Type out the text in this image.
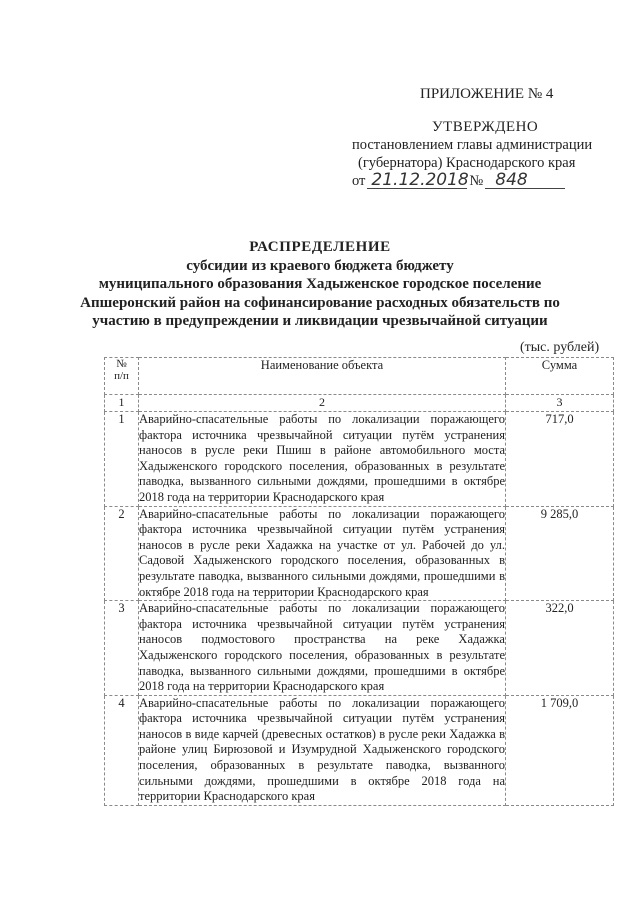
ПРИЛОЖЕНИЕ № 4
УТВЕРЖДЕНО
постановлением главы администрации
(губернатора) Краснодарского края
от 21.12.2018№ 848
РАСПРЕДЕЛЕНИЕ
субсидии из краевого бюджета бюджету
муниципального образования Хадыженское городское поселение
Апшеронский район на софинансирование расходных обязательств по
участию в предупреждении и ликвидации чрезвычайной ситуации
(тыс. рублей)
№
п/п	Наименование объекта	Сумма
1	2	3
1	Аварийно-спасательные работы по локализации поражающего фактора источника чрезвычайной ситуации путём устранения наносов в русле реки Пшиш в районе автомобильного моста Хадыженского городского поселения, образованных в результате паводка, вызванного сильными дождями, прошедшими в октябре 2018 года на территории Краснодарского края	717,0
2	Аварийно-спасательные работы по локализации поражающего фактора источника чрезвычайной ситуации путём устранения наносов в русле реки Хадажка на участке от ул. Рабочей до ул. Садовой Хадыженского городского поселения, образованных в результате паводка, вызванного сильными дождями, прошедшими в октябре 2018 года на территории Краснодарского края	9 285,0
3	Аварийно-спасательные работы по локализации поражающего фактора источника чрезвычайной ситуации путём устранения наносов подмостового пространства на реке Хадажка Хадыженского городского поселения, образованных в результате паводка, вызванного сильными дождями, прошедшими в октябре 2018 года на территории Краснодарского края	322,0
4	Аварийно-спасательные работы по локализации поражающего фактора источника чрезвычайной ситуации путём устранения наносов в виде карчей (древесных остатков) в русле реки Хадажка в районе улиц Бирюзовой и Изумрудной Хадыженского городского поселения, образованных в результате паводка, вызванного сильными дождями, прошедшими в октябре 2018 года на территории Краснодарского края	1 709,0
